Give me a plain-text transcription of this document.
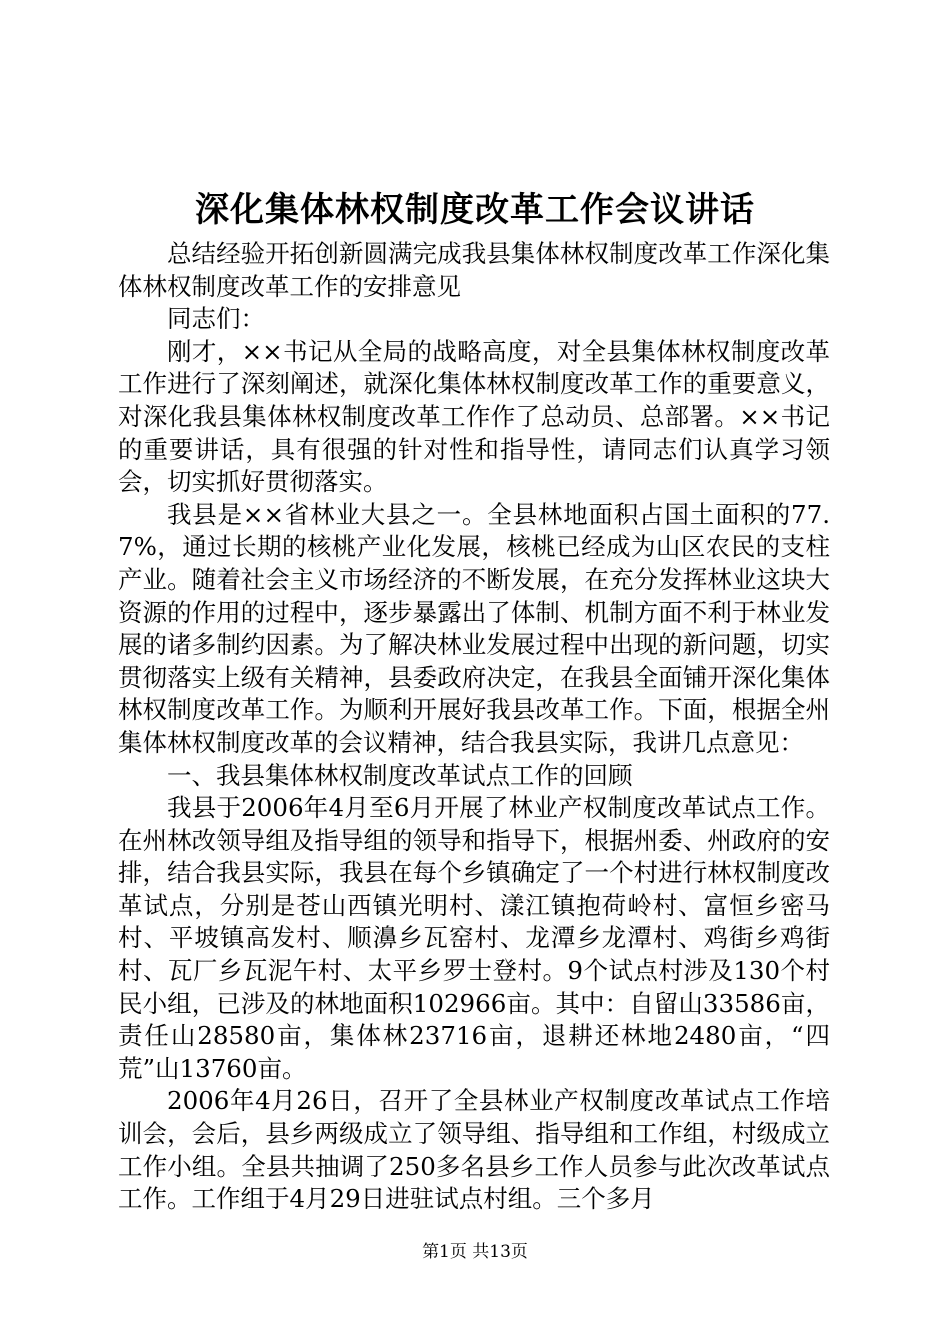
深化集体林权制度改革工作会议讲话

总结经验开拓创新圆满完成我县集体林权制度改革工作深化集体林权制度改革工作的安排意见

同志们：

刚才，××书记从全局的战略高度，对全县集体林权制度改革工作进行了深刻阐述，就深化集体林权制度改革工作的重要意义，对深化我县集体林权制度改革工作作了总动员、总部署。××书记的重要讲话，具有很强的针对性和指导性，请同志们认真学习领会，切实抓好贯彻落实。

我县是××省林业大县之一。全县林地面积占国土面积的77.7%，通过长期的核桃产业化发展，核桃已经成为山区农民的支柱产业。随着社会主义市场经济的不断发展，在充分发挥林业这块大资源的作用的过程中，逐步暴露出了体制、机制方面不利于林业发展的诸多制约因素。为了解决林业发展过程中出现的新问题，切实贯彻落实上级有关精神，县委政府决定，在我县全面铺开深化集体林权制度改革工作。为顺利开展好我县改革工作。下面，根据全州集体林权制度改革的会议精神，结合我县实际，我讲几点意见：

一、我县集体林权制度改革试点工作的回顾

我县于2006年4月至6月开展了林业产权制度改革试点工作。在州林改领导组及指导组的领导和指导下，根据州委、州政府的安排，结合我县实际，我县在每个乡镇确定了一个村进行林权制度改革试点，分别是苍山西镇光明村、漾江镇抱荷岭村、富恒乡密马村、平坡镇高发村、顺濞乡瓦窑村、龙潭乡龙潭村、鸡街乡鸡街村、瓦厂乡瓦泥午村、太平乡罗士登村。9个试点村涉及130个村民小组，已涉及的林地面积102966亩。其中：自留山33586亩，责任山28580亩，集体林23716亩，退耕还林地2480亩，“四荒”山13760亩。

2006年4月26日，召开了全县林业产权制度改革试点工作培训会，会后，县乡两级成立了领导组、指导组和工作组，村级成立工作小组。全县共抽调了250多名县乡工作人员参与此次改革试点工作。工作组于4月29日进驻试点村组。三个多月

第1页 共13页
